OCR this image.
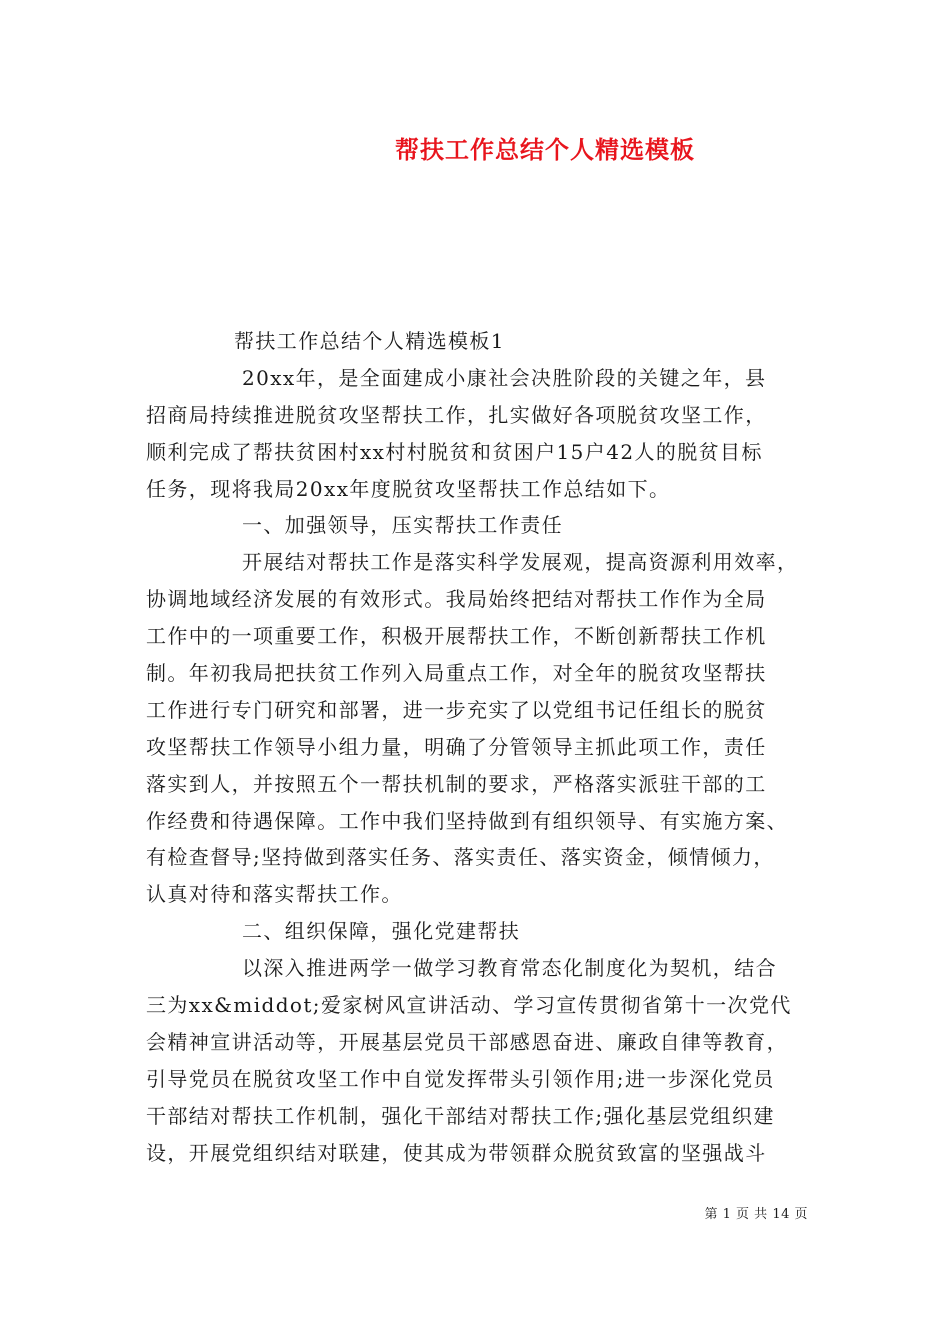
帮扶工作总结个人精选模板
帮扶工作总结个人精选模板1
20xx年，是全面建成小康社会决胜阶段的关键之年，县
招商局持续推进脱贫攻坚帮扶工作，扎实做好各项脱贫攻坚工作，
顺利完成了帮扶贫困村xx村村脱贫和贫困户15户42人的脱贫目标
任务，现将我局20xx年度脱贫攻坚帮扶工作总结如下。
一、加强领导，压实帮扶工作责任
开展结对帮扶工作是落实科学发展观，提高资源利用效率，
协调地域经济发展的有效形式。我局始终把结对帮扶工作作为全局
工作中的一项重要工作，积极开展帮扶工作，不断创新帮扶工作机
制。年初我局把扶贫工作列入局重点工作，对全年的脱贫攻坚帮扶
工作进行专门研究和部署，进一步充实了以党组书记任组长的脱贫
攻坚帮扶工作领导小组力量，明确了分管领导主抓此项工作，责任
落实到人，并按照五个一帮扶机制的要求，严格落实派驻干部的工
作经费和待遇保障。工作中我们坚持做到有组织领导、有实施方案、
有检查督导;坚持做到落实任务、落实责任、落实资金，倾情倾力，
认真对待和落实帮扶工作。
二、组织保障，强化党建帮扶
以深入推进两学一做学习教育常态化制度化为契机，结合
三为xx&middot;爱家树风宣讲活动、学习宣传贯彻省第十一次党代
会精神宣讲活动等，开展基层党员干部感恩奋进、廉政自律等教育，
引导党员在脱贫攻坚工作中自觉发挥带头引领作用;进一步深化党员
干部结对帮扶工作机制，强化干部结对帮扶工作;强化基层党组织建
设，开展党组织结对联建，使其成为带领群众脱贫致富的坚强战斗
第 1 页 共 14 页
